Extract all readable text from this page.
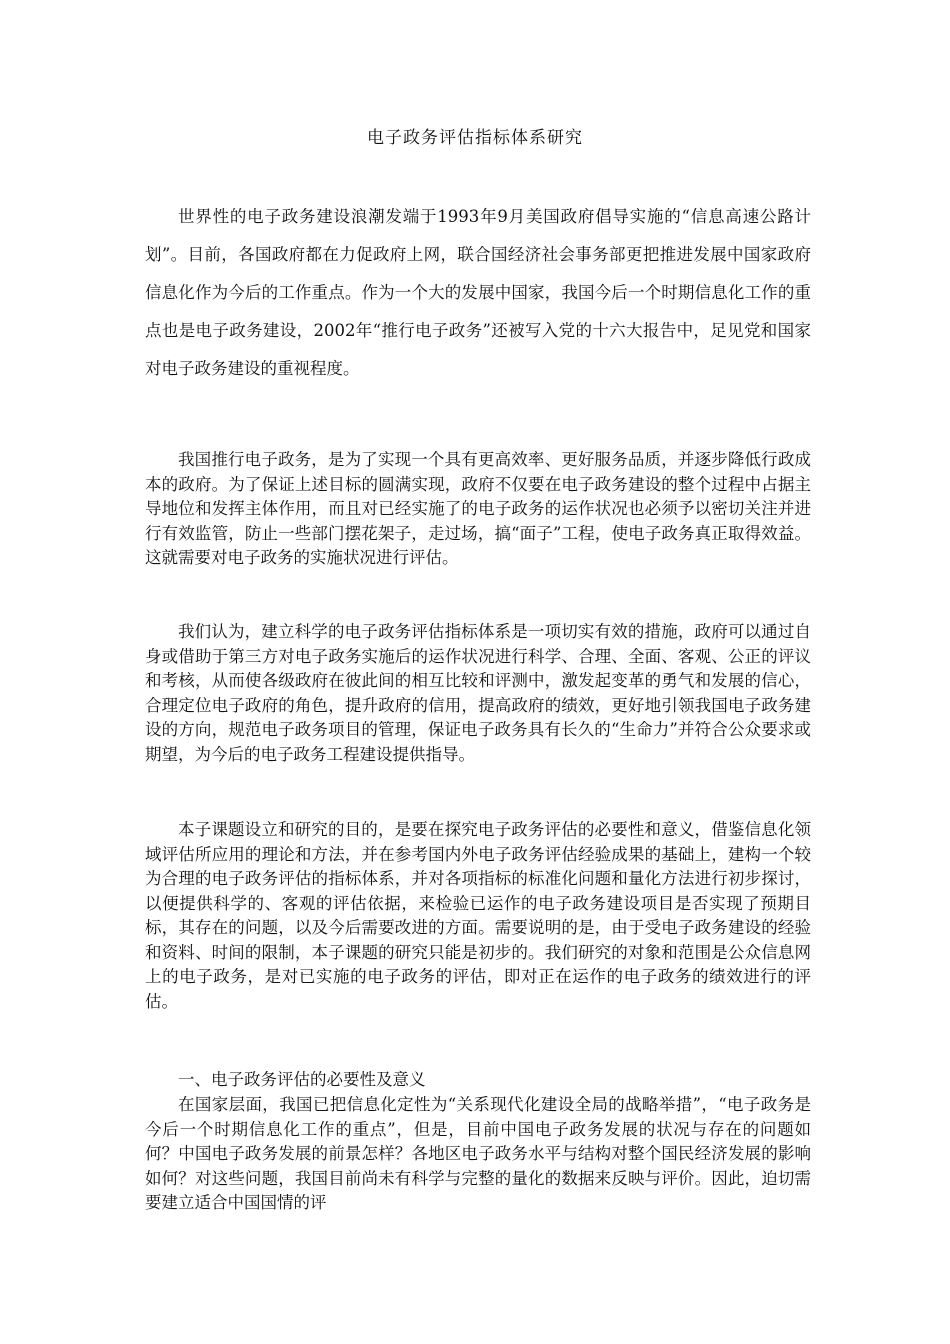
电子政务评估指标体系研究

世界性的电子政务建设浪潮发端于1993年9月美国政府倡导实施的“信息高速公路计划”。目前，各国政府都在力促政府上网，联合国经济社会事务部更把推进发展中国家政府信息化作为今后的工作重点。作为一个大的发展中国家，我国今后一个时期信息化工作的重点也是电子政务建设，2002年“推行电子政务”还被写入党的十六大报告中，足见党和国家对电子政务建设的重视程度。

我国推行电子政务，是为了实现一个具有更高效率、更好服务品质，并逐步降低行政成本的政府。为了保证上述目标的圆满实现，政府不仅要在电子政务建设的整个过程中占据主导地位和发挥主体作用，而且对已经实施了的电子政务的运作状况也必须予以密切关注并进行有效监管，防止一些部门摆花架子，走过场，搞“面子”工程，使电子政务真正取得效益。这就需要对电子政务的实施状况进行评估。

我们认为，建立科学的电子政务评估指标体系是一项切实有效的措施，政府可以通过自身或借助于第三方对电子政务实施后的运作状况进行科学、合理、全面、客观、公正的评议和考核，从而使各级政府在彼此间的相互比较和评测中，激发起变革的勇气和发展的信心，合理定位电子政府的角色，提升政府的信用，提高政府的绩效，更好地引领我国电子政务建设的方向，规范电子政务项目的管理，保证电子政务具有长久的“生命力”并符合公众要求或期望，为今后的电子政务工程建设提供指导。

本子课题设立和研究的目的，是要在探究电子政务评估的必要性和意义，借鉴信息化领域评估所应用的理论和方法，并在参考国内外电子政务评估经验成果的基础上，建构一个较为合理的电子政务评估的指标体系，并对各项指标的标准化问题和量化方法进行初步探讨，以便提供科学的、客观的评估依据，来检验已运作的电子政务建设项目是否实现了预期目标，其存在的问题，以及今后需要改进的方面。需要说明的是，由于受电子政务建设的经验和资料、时间的限制，本子课题的研究只能是初步的。我们研究的对象和范围是公众信息网上的电子政务，是对已实施的电子政务的评估，即对正在运作的电子政务的绩效进行的评估。

一、电子政务评估的必要性及意义

在国家层面，我国已把信息化定性为“关系现代化建设全局的战略举措”，“电子政务是今后一个时期信息化工作的重点”，但是，目前中国电子政务发展的状况与存在的问题如何？中国电子政务发展的前景怎样？各地区电子政务水平与结构对整个国民经济发展的影响如何？对这些问题，我国目前尚未有科学与完整的量化的数据来反映与评价。因此，迫切需要建立适合中国国情的评
